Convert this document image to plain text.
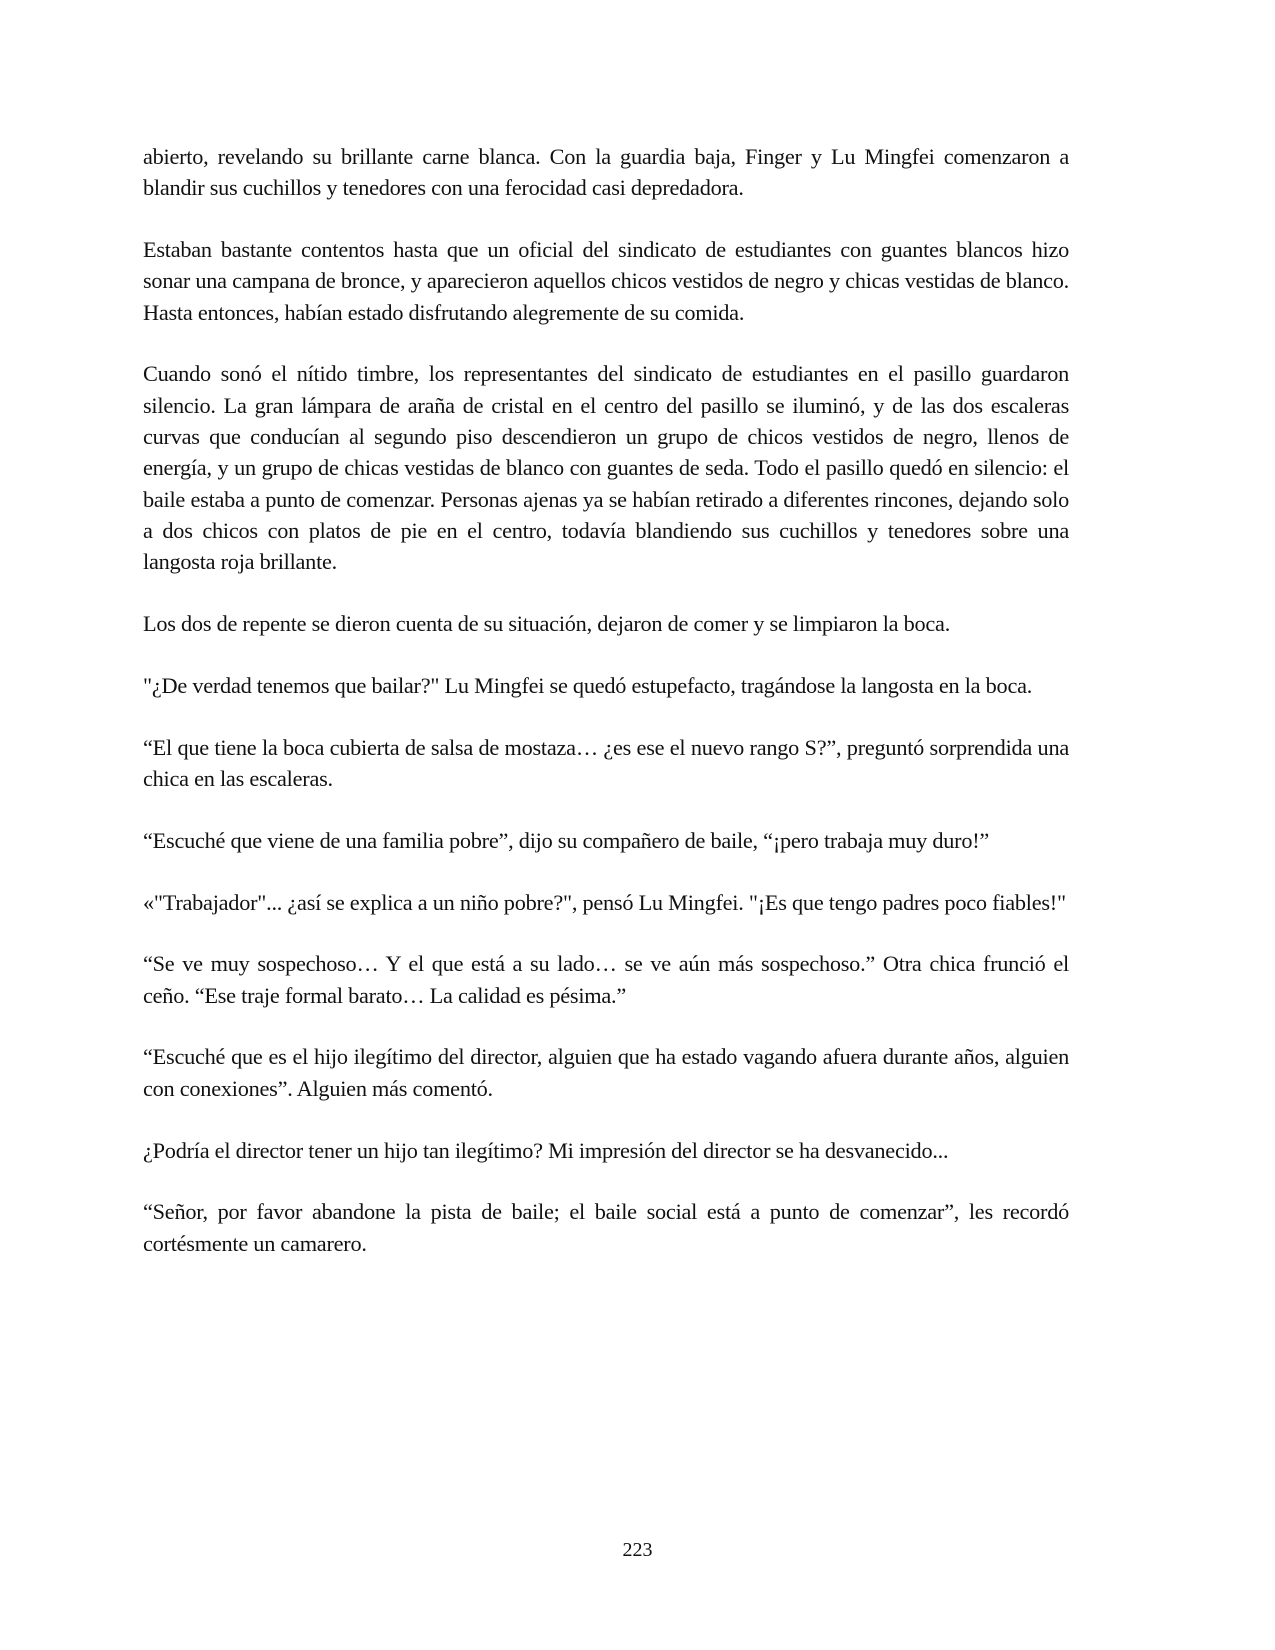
abierto, revelando su brillante carne blanca. Con la guardia baja, Finger y Lu Mingfei comenzaron a blandir sus cuchillos y tenedores con una ferocidad casi depredadora.

Estaban bastante contentos hasta que un oficial del sindicato de estudiantes con guantes blancos hizo sonar una campana de bronce, y aparecieron aquellos chicos vestidos de negro y chicas vestidas de blanco. Hasta entonces, habían estado disfrutando alegremente de su comida.

Cuando sonó el nítido timbre, los representantes del sindicato de estudiantes en el pasillo guardaron silencio. La gran lámpara de araña de cristal en el centro del pasillo se iluminó, y de las dos escaleras curvas que conducían al segundo piso descendieron un grupo de chicos vestidos de negro, llenos de energía, y un grupo de chicas vestidas de blanco con guantes de seda. Todo el pasillo quedó en silencio: el baile estaba a punto de comenzar. Personas ajenas ya se habían retirado a diferentes rincones, dejando solo a dos chicos con platos de pie en el centro, todavía blandiendo sus cuchillos y tenedores sobre una langosta roja brillante.

Los dos de repente se dieron cuenta de su situación, dejaron de comer y se limpiaron la boca.

"¿De verdad tenemos que bailar?" Lu Mingfei se quedó estupefacto, tragándose la langosta en la boca.

“El que tiene la boca cubierta de salsa de mostaza… ¿es ese el nuevo rango S?”, preguntó sorprendida una chica en las escaleras.

“Escuché que viene de una familia pobre”, dijo su compañero de baile, “¡pero trabaja muy duro!”

«"Trabajador"... ¿así se explica a un niño pobre?", pensó Lu Mingfei. "¡Es que tengo padres poco fiables!"

“Se ve muy sospechoso… Y el que está a su lado… se ve aún más sospechoso.” Otra chica frunció el ceño. “Ese traje formal barato… La calidad es pésima.”

“Escuché que es el hijo ilegítimo del director, alguien que ha estado vagando afuera durante años, alguien con conexiones”. Alguien más comentó.

¿Podría el director tener un hijo tan ilegítimo? Mi impresión del director se ha desvanecido...

“Señor, por favor abandone la pista de baile; el baile social está a punto de comenzar”, les recordó cortésmente un camarero.

223
